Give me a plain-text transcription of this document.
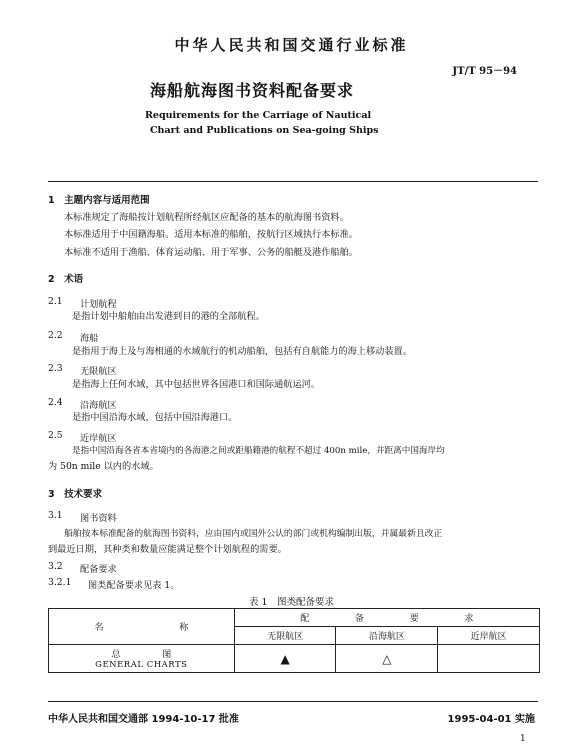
中华人民共和国交通行业标准
JT/T 95－94
海船航海图书资料配备要求
Requirements for the Carriage of Nautical
Chart and Publications on Sea-going Ships
1　主题内容与适用范围
本标准规定了海船按计划航程所经航区应配备的基本的航海图书资料。
本标准适用于中国籍海船。适用本标准的船舶，按航行区域执行本标准。
本标准不适用于渔船、体育运动船、用于军事、公务的船艇及港作船舶。
2　术语
2.1 计划航程
是指计划中船舶由出发港到目的港的全部航程。
2.2 海船
是指用于海上及与海相通的水域航行的机动船舶，包括有自航能力的海上移动装置。
2.3 无限航区
是指海上任何水域，其中包括世界各国港口和国际通航运河。
2.4 沿海航区
是指中国沿海水域，包括中国沿海港口。
2.5 近岸航区
是指中国沿海各省本省境内的各海港之间或距船籍港的航程不超过 400n mile，并距离中国海岸均
为 50n mile 以内的水域。
3　技术要求
3.1 图书资料
船舶按本标准配备的航海图书资料，应由国内或国外公认的部门或机构编制出版，并属最新且改正
到最近日期，其种类和数量应能满足整个计划航程的需要。
3.2 配备要求
3.2.1 图类配备要求见表 1。
表 1　图类配备要求
名 称	配 备 要 求		
	无限航区	沿海航区	近岸航区

总 图
GENERAL CHARTS	▲	△	
中华人民共和国交通部 1994-10-17 批准	1995-04-01 实施
1
